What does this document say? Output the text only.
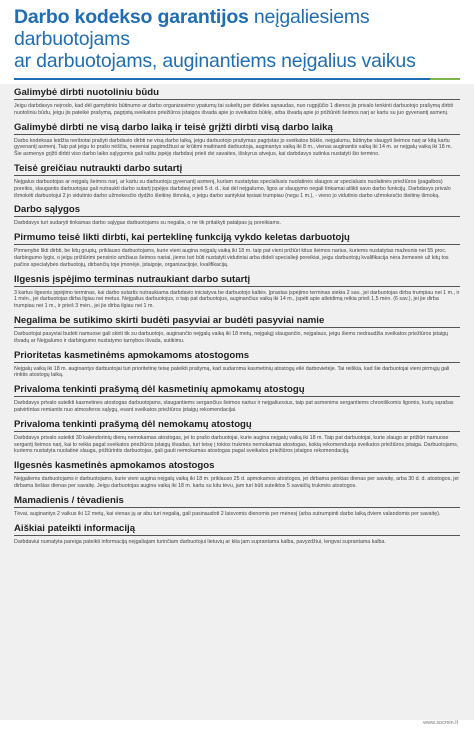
Darbo kodekso garantijos neįgaliesiems darbuotojams
ar darbuotojams, auginantiems neįgalius vaikus
Galimybė dirbti nuotoliniu būdu
Jeigu darbdavys neįrodo, kad dėl gamybinio būtinumo ar darbo organizavimo ypatumų tai sukeltų per dideles sąnaudas, nuo rugpjūčio 1 dienos jis privalo tenkinti darbuotojo prašymą dirbti nuotoliniu būdu, jeigu jis pateikė prašymą, pagrįstą sveikatos priežiūros įstaigos išvada apie jo sveikatos būklę, arba išvadą apie jo prižiūrėti šeimos narį ar kartu su juo gyvenantį asmenį.
Galimybė dirbti ne visą darbo laiką ir teisė grįžti dirbti visą darbo laiką
Darbo kodeksas leidžia neribotai prašyti darbdavio dirbti ne visą darbo laiką, jeigu darbuotojo prašymas pagrįstas jo sveikatos būkle, neįgalumu, būtinybe slaugyti šeimos narį ar kitą kartu gyvenantį asmenį. Taip pat jeigu to prašo nėščia, neseniai pagimdžiusi ar krūtimi maitinanti darbuotoja, auginantys vaiką iki 8 m., vienas auginantis vaiką iki 14 m. ar neįgalų vaiką iki 18 m. Šie asmenys grįžti dirbti viso darbo laiko sąlygomis gali raštu įspėję darbdavį prieš dvi savaites, išskyrus atvejus, kai darbdavys sutinka nustatyti šio termino.
Teisė greičiau nutraukti darbo sutartį
Neįgalus darbuotojas ar neįgalų šeimos narį, ar kartu su darbuotoju gyvenantį asmenį, kuriam nustatytas specialiusis nuolatinės slaugos ar specialusis nuolatinės priežiūros (pagalbos) poreikis, slaugantis darbuotojas gali nutraukti darbo sutartį įspėjęs darbdavį prieš 5 d. d., kai dėl neįgalumo, ligos ar slaugymo negali tinkamai atlikti savo darbo funkcijų. Darbdavys privalo išmokėti darbuotojui 2 jo vidutinio darbo užmokesčio dydžio išeitinę išmoką, o jeigu darbo santykiai tęsiasi trumpiau (negu 1 m.), - vieno jo vidutinio darbo užmokesčio išeitinę išmoką.
Darbo sąlygos
Darbdavys turi sudaryti tinkamas darbo sąlygas darbuotojams su negalia, o ne tik pritaikyti patalpas jų poreikiams.
Pirmumo teisė likti dirbti, kai perteklinę funkciją vykdo keletas darbuotojų
Pirmenybė likti dirbti, be kitų grupių, priklauso darbuotojams, kurie vieni augina neįgalų vaiką iki 18 m. taip pat vieni prižiūri kitus šeimos narius, kuriems nustatytas mažesnis nei 55 proc. darbingumo lygis, o jeigu prižiūrimi pensinio amžiaus šeimos nariai, jiems turi būti nustatyti vidutiniai arba dideli specialieji poreikiai, jeigu darbuotojų kvalifikacija nėra žemesnė už kitų tos pačios specialybės darbuotojų, dirbančių toje įmonėje, įstaigoje, organizacijoje, kvalifikaciją.
Ilgesnis įspėjimo terminas nutraukiant darbo sutartį
3 kartus ilgesnis įspėjimo terminas, kai darbo sutartis nutraukiama darbdavio iniciatyva be darbuotojo kaltės. Įprastas įspėjimo terminas siekia 2 sav., jei darbuotojas dirba trumpiau nei 1 m., ir 1 mėn., jei darbuotojas dirba ilgiau nei metus. Neįgalius darbuotojus, o taip pat darbuotojus, auginančius vaiką iki 14 m., įspėti apie atleidimą reikia prieš 1,5 mėn. (6 sav.), jei jie dirba trumpiau nei 1 m., ir prieš 3 mėn., jei jie dirba ilgiau nei 1 m.
Negalima be sutikimo skirti budėti pasyviai ar budėti pasyviai namie
Darbuotojai pasyviai budėti namuose gali skirti tik su darbuotojo, auginančio neįgalų vaiką iki 18 metų, neįgalųjį slaugančio, neįgalaus, jeigu šiems nedraudžia sveikatos priežiūros įstaigų išvadų ar Neįgalumo ir darbingumo nustatymo tarnybos išvada, sutikimu.
Prioritetas kasmetinėms apmokamoms atostogoms
Neįgalų vaiką iki 18 m. auginantys darbuotojai turi prioritetinę teisę pateikti prašymą, kad sudaroma kasmetinių atostogų eilė darbovietėje. Tai reiškia, kad šie darbuotojai vieni pirmųjų gali rinktis atostogų laiką.
Privaloma tenkinti prašymą dėl kasmetinių apmokamų atostogų
Darbdavys privalo suteikti kasmetines atostogas darbuotojams, slaugantiems sergančius šeimos narius ir neįgaliuosius, taip pat asmenims sergantiems chroniškomis ligomis, kurių sąrašas patvirtintas remiantis nuo atmosferos sąlygų, esant sveikatos priežiūros įstaigų rekomendacijai.
Privaloma tenkinti prašymą dėl nemokamų atostogų
Darbdavys privalo suteikti 30 kalendorinių dienų nemokamas atostogas, jei to prašo darbuotojai, kurie augina neįgalų vaiką iki 18 m. Taip pat darbuotojai, kurie slaugo ar prižiūri namuose sergantį šeimos narį, kai to reikia pagal sveikatos priežiūros įstaigų išvadas, turi teisę į tokios trukmės nemokamas atostogas, kokią rekomenduoja sveikatos priežiūros įstaiga. Darbuotojams, kuriems nustatyta nuolatinė slauga, prižiūrintis darbuotojas, gali gauti nemokamas atostogas pagal sveikatos priežiūros įstaigos rekomendaciją.
Ilgesnės kasmetinės apmokamos atostogos
Neįgaliems darbuotojams ir darbuotojams, kurie vieni augina neįgalų vaiką iki 18 m. priklauso 25 d. apmokamos atostogos, jei dirbama penkias dienas per savaitę, arba 30 d. d. atostogos, jei dirbama šešias dienas per savaitę. Jeigu darbuotojas augina vaiką iki 18 m. kartu su kitu tėvu, jam turi būti suteiktos 5 savaičių trukmės atostogos.
Mamadienis / tėvadienis
Tėvai, auginantys 2 vaikus iki 12 metų, kai vienas jų ar abu turi negalią, gali pasinaudoti 2 laisvomis dienomis per mėnesį (arba sutrumpinti darbo laiką dviem valandomis per savaitę).
Aiškiai pateikti informaciją
Darbdaviui numatyta pareiga pateikti informaciją neįgaliajam turinčiam darbuotojui lietuvių ar kita jam suprantama kalba, pavyzdžiui, lengvai suprantama kalba.
www.socmin.lt
